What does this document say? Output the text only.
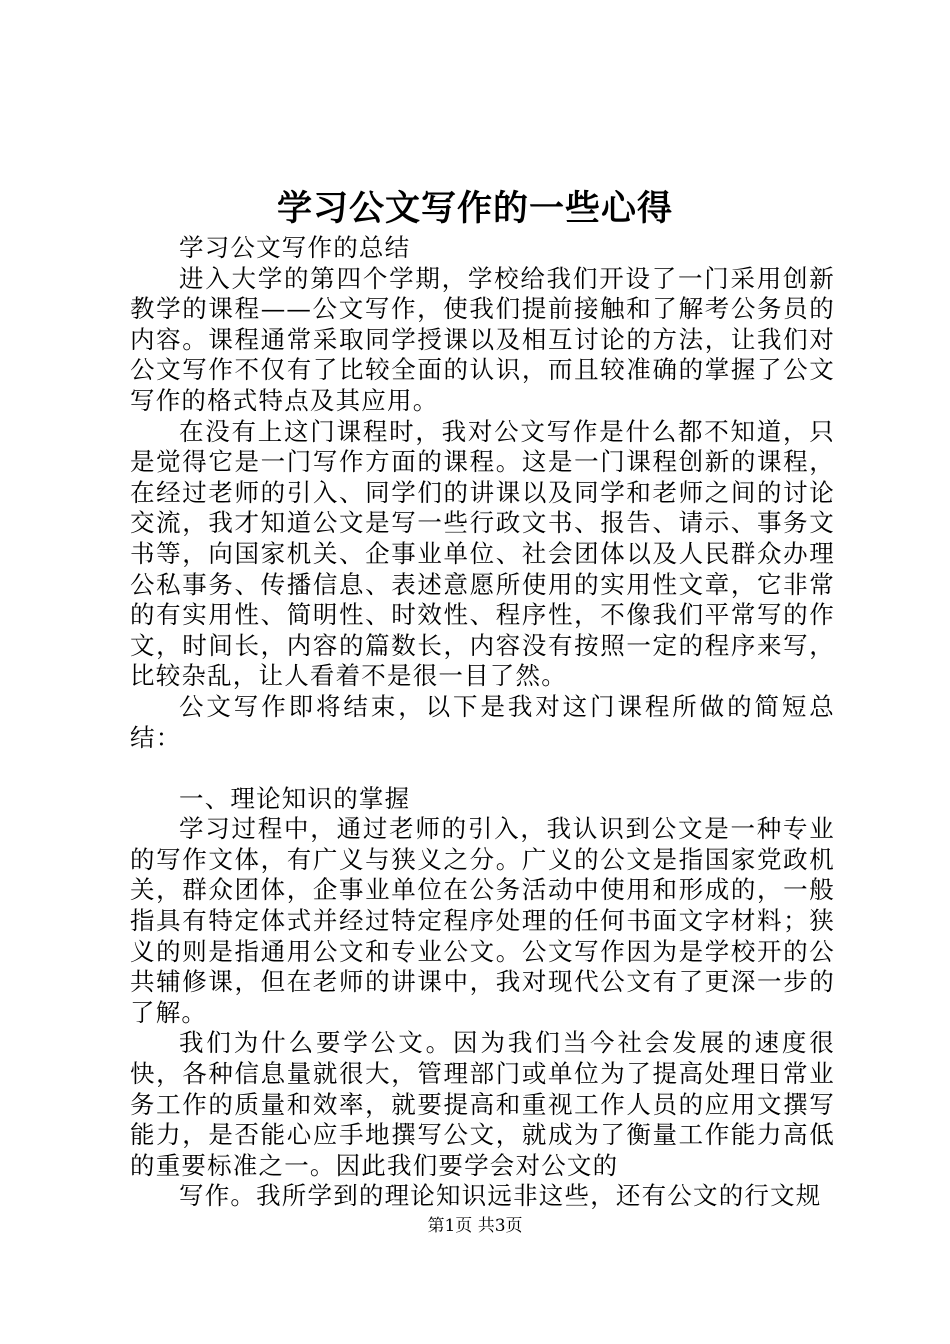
学习公文写作的一些心得

学习公文写作的总结

进入大学的第四个学期，学校给我们开设了一门采用创新教学的课程——公文写作，使我们提前接触和了解考公务员的内容。课程通常采取同学授课以及相互讨论的方法，让我们对公文写作不仅有了比较全面的认识，而且较准确的掌握了公文写作的格式特点及其应用。

在没有上这门课程时，我对公文写作是什么都不知道，只是觉得它是一门写作方面的课程。这是一门课程创新的课程，在经过老师的引入、同学们的讲课以及同学和老师之间的讨论交流，我才知道公文是写一些行政文书、报告、请示、事务文书等，向国家机关、企事业单位、社会团体以及人民群众办理公私事务、传播信息、表述意愿所使用的实用性文章，它非常的有实用性、简明性、时效性、程序性，不像我们平常写的作文，时间长，内容的篇数长，内容没有按照一定的程序来写，比较杂乱，让人看着不是很一目了然。

公文写作即将结束，以下是我对这门课程所做的简短总结：

一、理论知识的掌握

学习过程中，通过老师的引入，我认识到公文是一种专业的写作文体，有广义与狭义之分。广义的公文是指国家党政机关，群众团体，企事业单位在公务活动中使用和形成的，一般指具有特定体式并经过特定程序处理的任何书面文字材料；狭义的则是指通用公文和专业公文。公文写作因为是学校开的公共辅修课，但在老师的讲课中，我对现代公文有了更深一步的了解。

我们为什么要学公文。因为我们当今社会发展的速度很快，各种信息量就很大，管理部门或单位为了提高处理日常业务工作的质量和效率，就要提高和重视工作人员的应用文撰写能力，是否能心应手地撰写公文，就成为了衡量工作能力高低的重要标准之一。因此我们要学会对公文的

写作。我所学到的理论知识远非这些，还有公文的行文规

第1页 共3页
